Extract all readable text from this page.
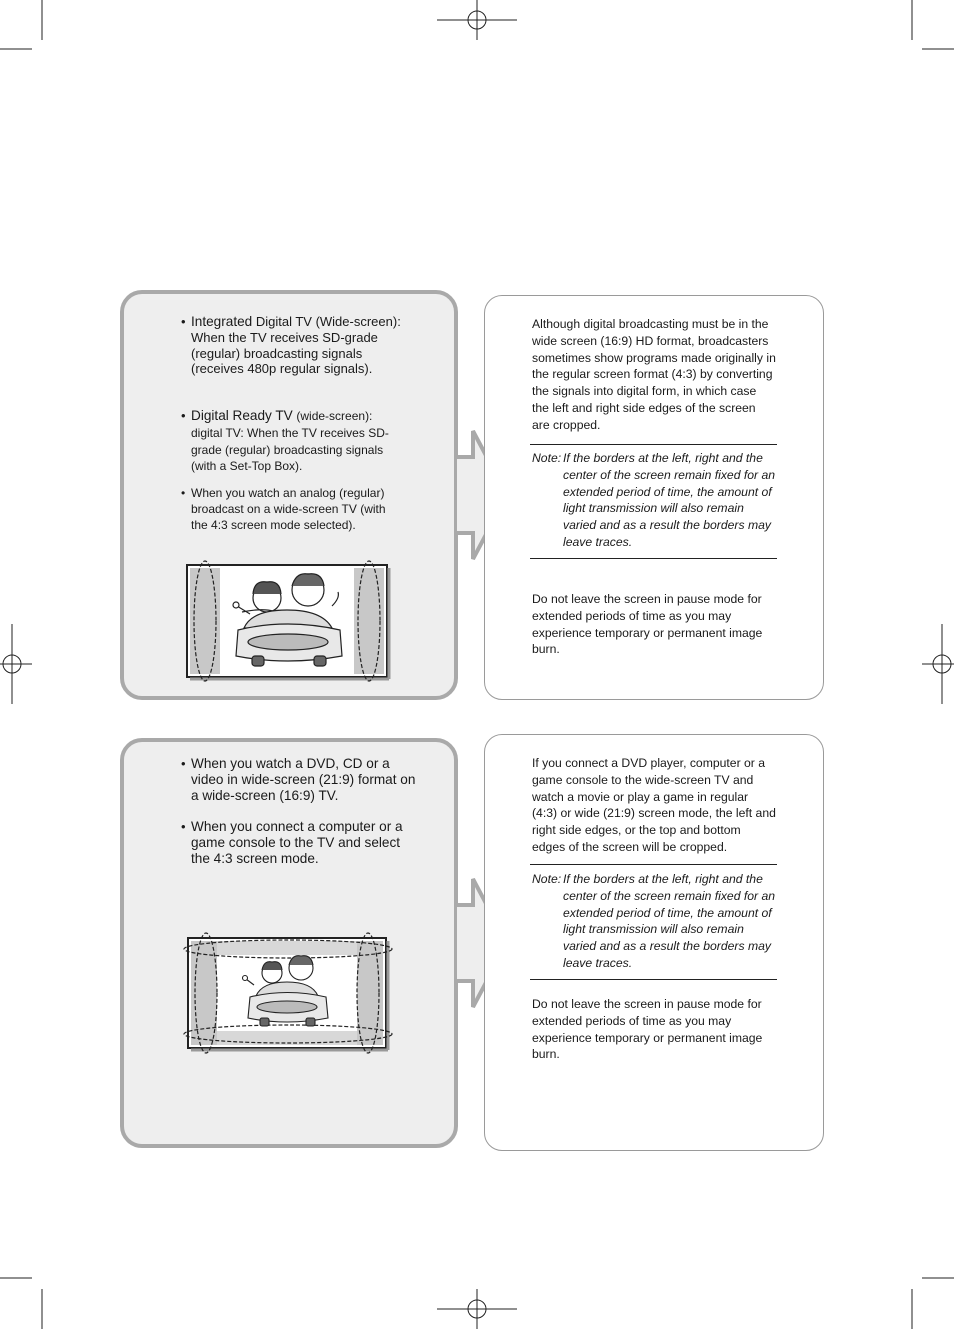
• Integrated Digital TV (Wide-screen): When the TV receives SD-grade (regular) broadcasting signals (receives 480p regular signals).
• Digital Ready TV (wide-screen): digital TV: When the TV receives SD-grade (regular) broadcasting signals (with a Set-Top Box).
• When you watch an analog (regular) broadcast on a wide-screen TV (with the 4:3 screen mode selected).

Although digital broadcasting must be in the wide screen (16:9) HD format, broadcasters sometimes show programs made originally in the regular screen format (4:3) by converting the signals into digital form, in which case the left and right side edges of the screen are cropped.

Note: If the borders at the left, right and the center of the screen remain fixed for an extended period of time, the amount of light transmission will also remain varied and as a result the borders may leave traces.

Do not leave the screen in pause mode for extended periods of time as you may experience temporary or permanent image burn.

• When you watch a DVD, CD or a video in wide-screen (21:9) format on a wide-screen (16:9) TV.
• When you connect a computer or a game console to the TV and select the 4:3 screen mode.

If you connect a DVD player, computer or a game console to the wide-screen TV and watch a movie or play a game in regular (4:3) or wide (21:9) screen mode, the left and right side edges, or the top and bottom edges of the screen will be cropped.

Note: If the borders at the left, right and the center of the screen remain fixed for an extended period of time, the amount of light transmission will also remain varied and as a result the borders may leave traces.

Do not leave the screen in pause mode for extended periods of time as you may experience temporary or permanent image burn.
